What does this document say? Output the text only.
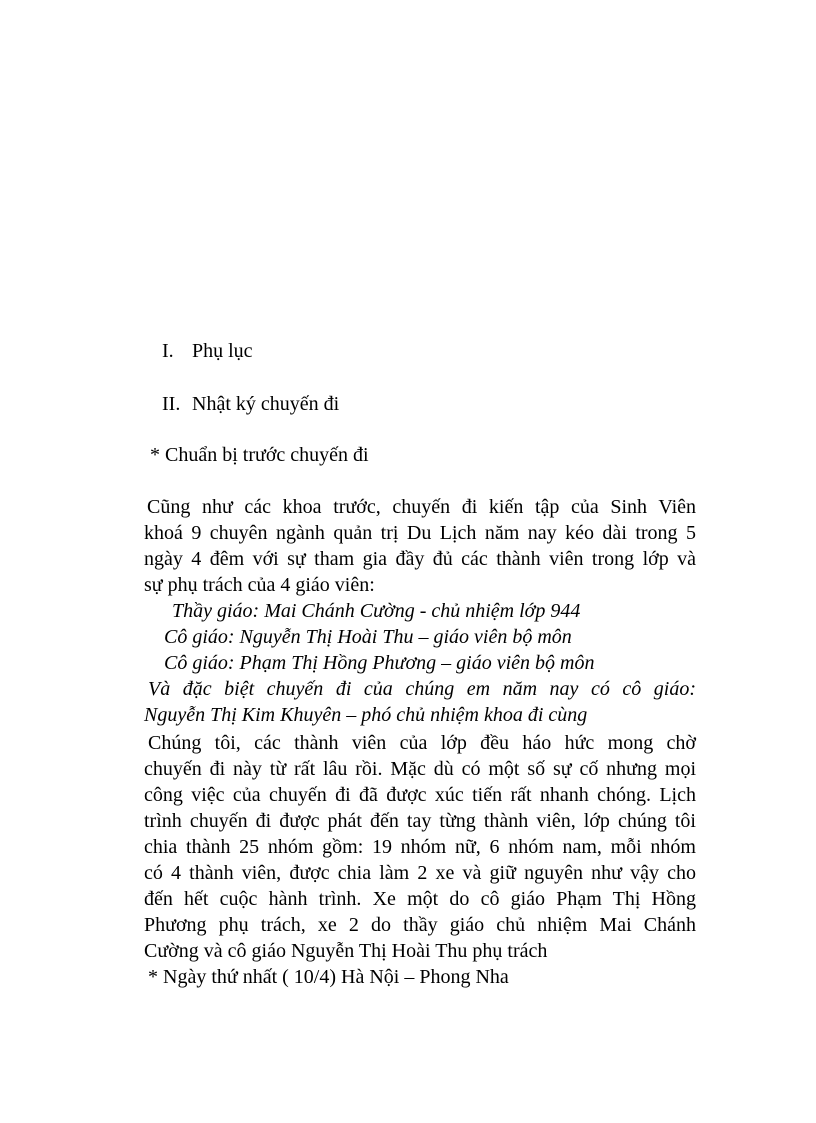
I. Phụ lục
II. Nhật ký chuyến đi
* Chuẩn bị trước chuyến đi
Cũng như các khoa trước, chuyến đi kiến tập của Sinh Viên
khoá 9 chuyên ngành quản trị Du Lịch năm nay kéo dài trong 5
ngày 4 đêm với sự tham gia đầy đủ các thành viên trong lớp và
sự phụ trách của 4 giáo viên:
Thầy giáo: Mai Chánh Cường - chủ nhiệm lớp 944
Cô giáo: Nguyễn Thị Hoài Thu – giáo viên bộ môn
Cô giáo: Phạm Thị Hồng Phương – giáo viên bộ môn
Và đặc biệt chuyến đi của chúng em năm nay có cô giáo:
Nguyễn Thị Kim Khuyên – phó chủ nhiệm khoa đi cùng
Chúng tôi, các thành viên của lớp đều háo hức mong chờ
chuyến đi này từ rất lâu rồi. Mặc dù có một số sự cố nhưng mọi
công việc của chuyến đi đã được xúc tiến rất nhanh chóng. Lịch
trình chuyến đi được phát đến tay từng thành viên, lớp chúng tôi
chia thành 25 nhóm gồm: 19 nhóm nữ, 6 nhóm nam, mỗi nhóm
có 4 thành viên, được chia làm 2 xe và giữ nguyên như vậy cho
đến hết cuộc hành trình. Xe một do cô giáo Phạm Thị Hồng
Phương phụ trách, xe 2 do thầy giáo chủ nhiệm Mai Chánh
Cường và cô giáo Nguyễn Thị Hoài Thu phụ trách
* Ngày thứ nhất ( 10/4) Hà Nội – Phong Nha
